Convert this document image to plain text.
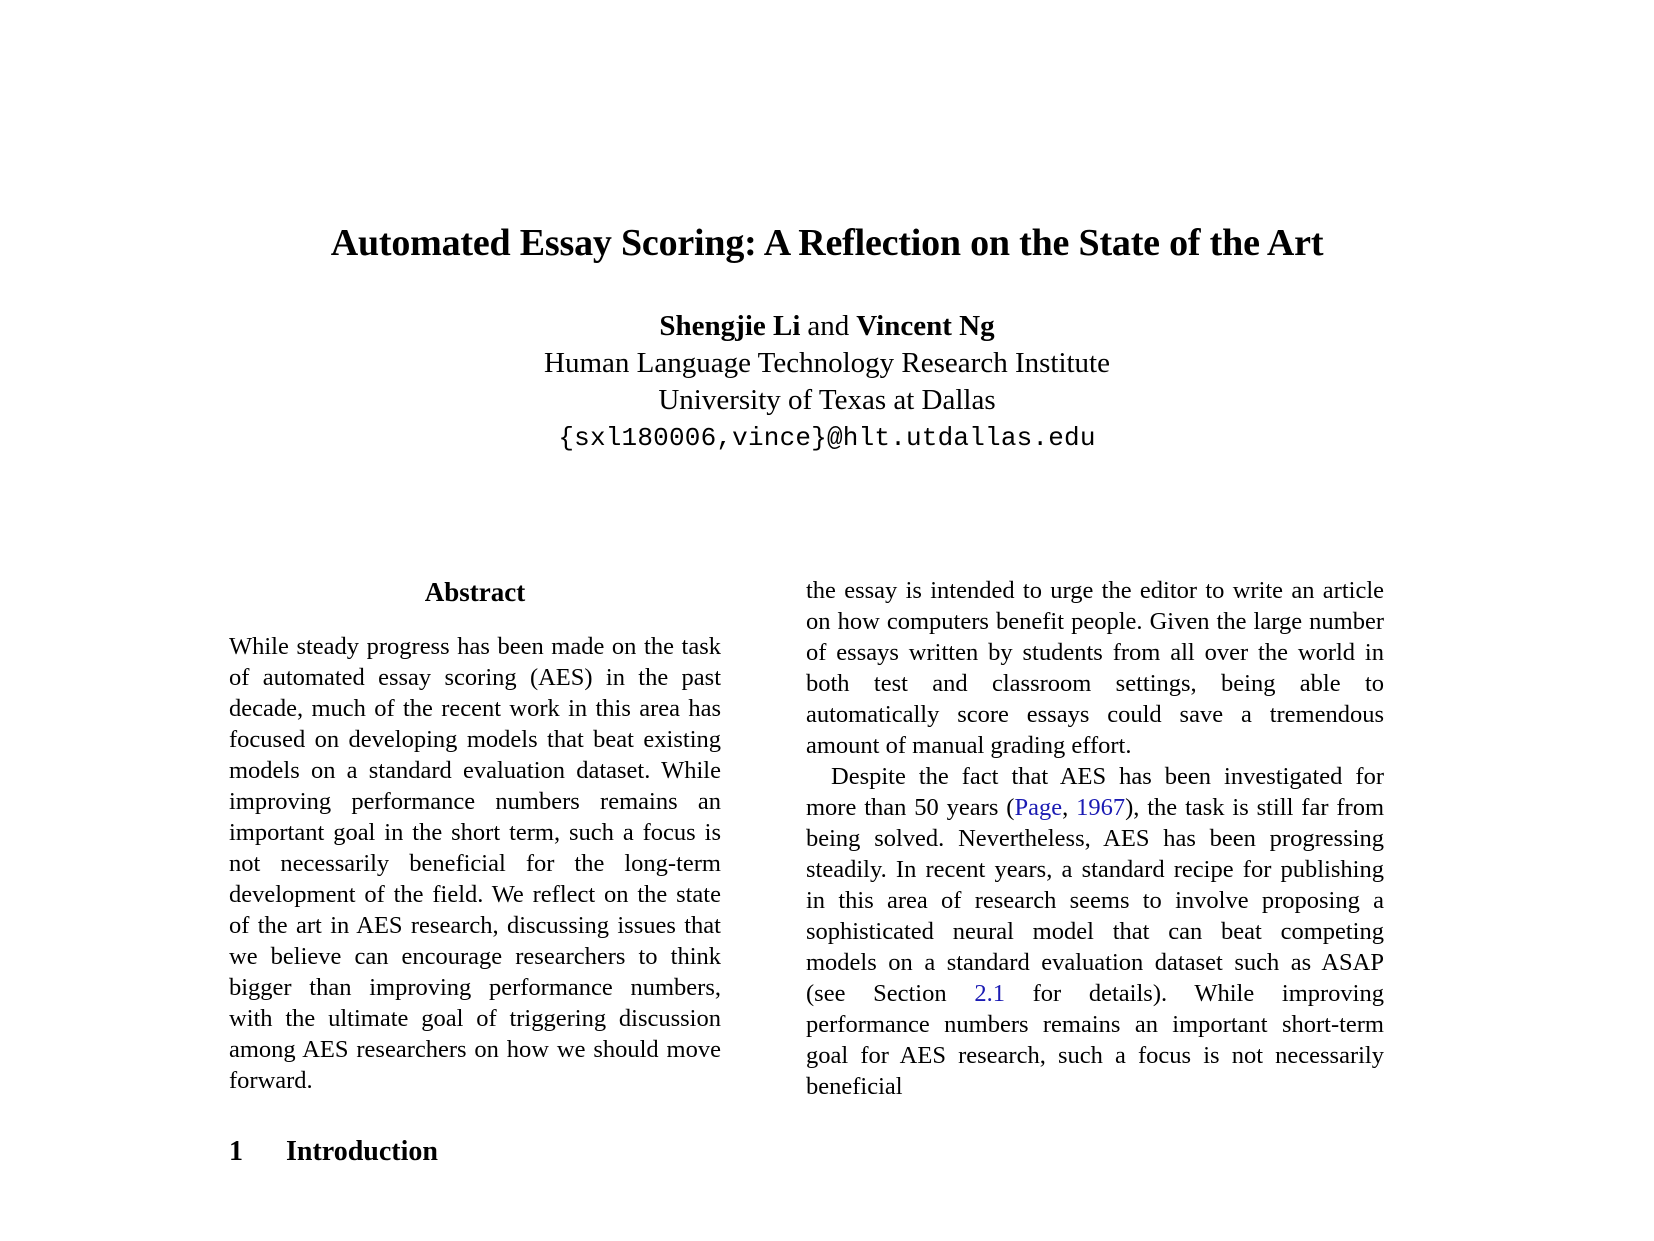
Automated Essay Scoring: A Reflection on the State of the Art
Shengjie Li and Vincent Ng
Human Language Technology Research Institute
University of Texas at Dallas
{sxl180006,vince}@hlt.utdallas.edu
Abstract

While steady progress has been made on the task of automated essay scoring (AES) in the past decade, much of the recent work in this area has focused on developing models that beat existing models on a standard evaluation dataset. While improving performance numbers remains an important goal in the short term, such a focus is not necessarily beneficial for the long-term development of the field. We reflect on the state of the art in AES research, discussing issues that we believe can encourage researchers to think bigger than improving performance numbers, with the ultimate goal of triggering discussion among AES researchers on how we should move forward.

1	Introduction

the essay is intended to urge the editor to write an article on how computers benefit people. Given the large number of essays written by students from all over the world in both test and classroom settings, being able to automatically score essays could save a tremendous amount of manual grading effort.

Despite the fact that AES has been investigated for more than 50 years (Page, 1967), the task is still far from being solved. Nevertheless, AES has been progressing steadily. In recent years, a standard recipe for publishing in this area of research seems to involve proposing a sophisticated neural model that can beat competing models on a standard evaluation dataset such as ASAP (see Section 2.1 for details). While improving performance numbers remains an important short-term goal for AES research, such a focus is not necessarily beneficial
